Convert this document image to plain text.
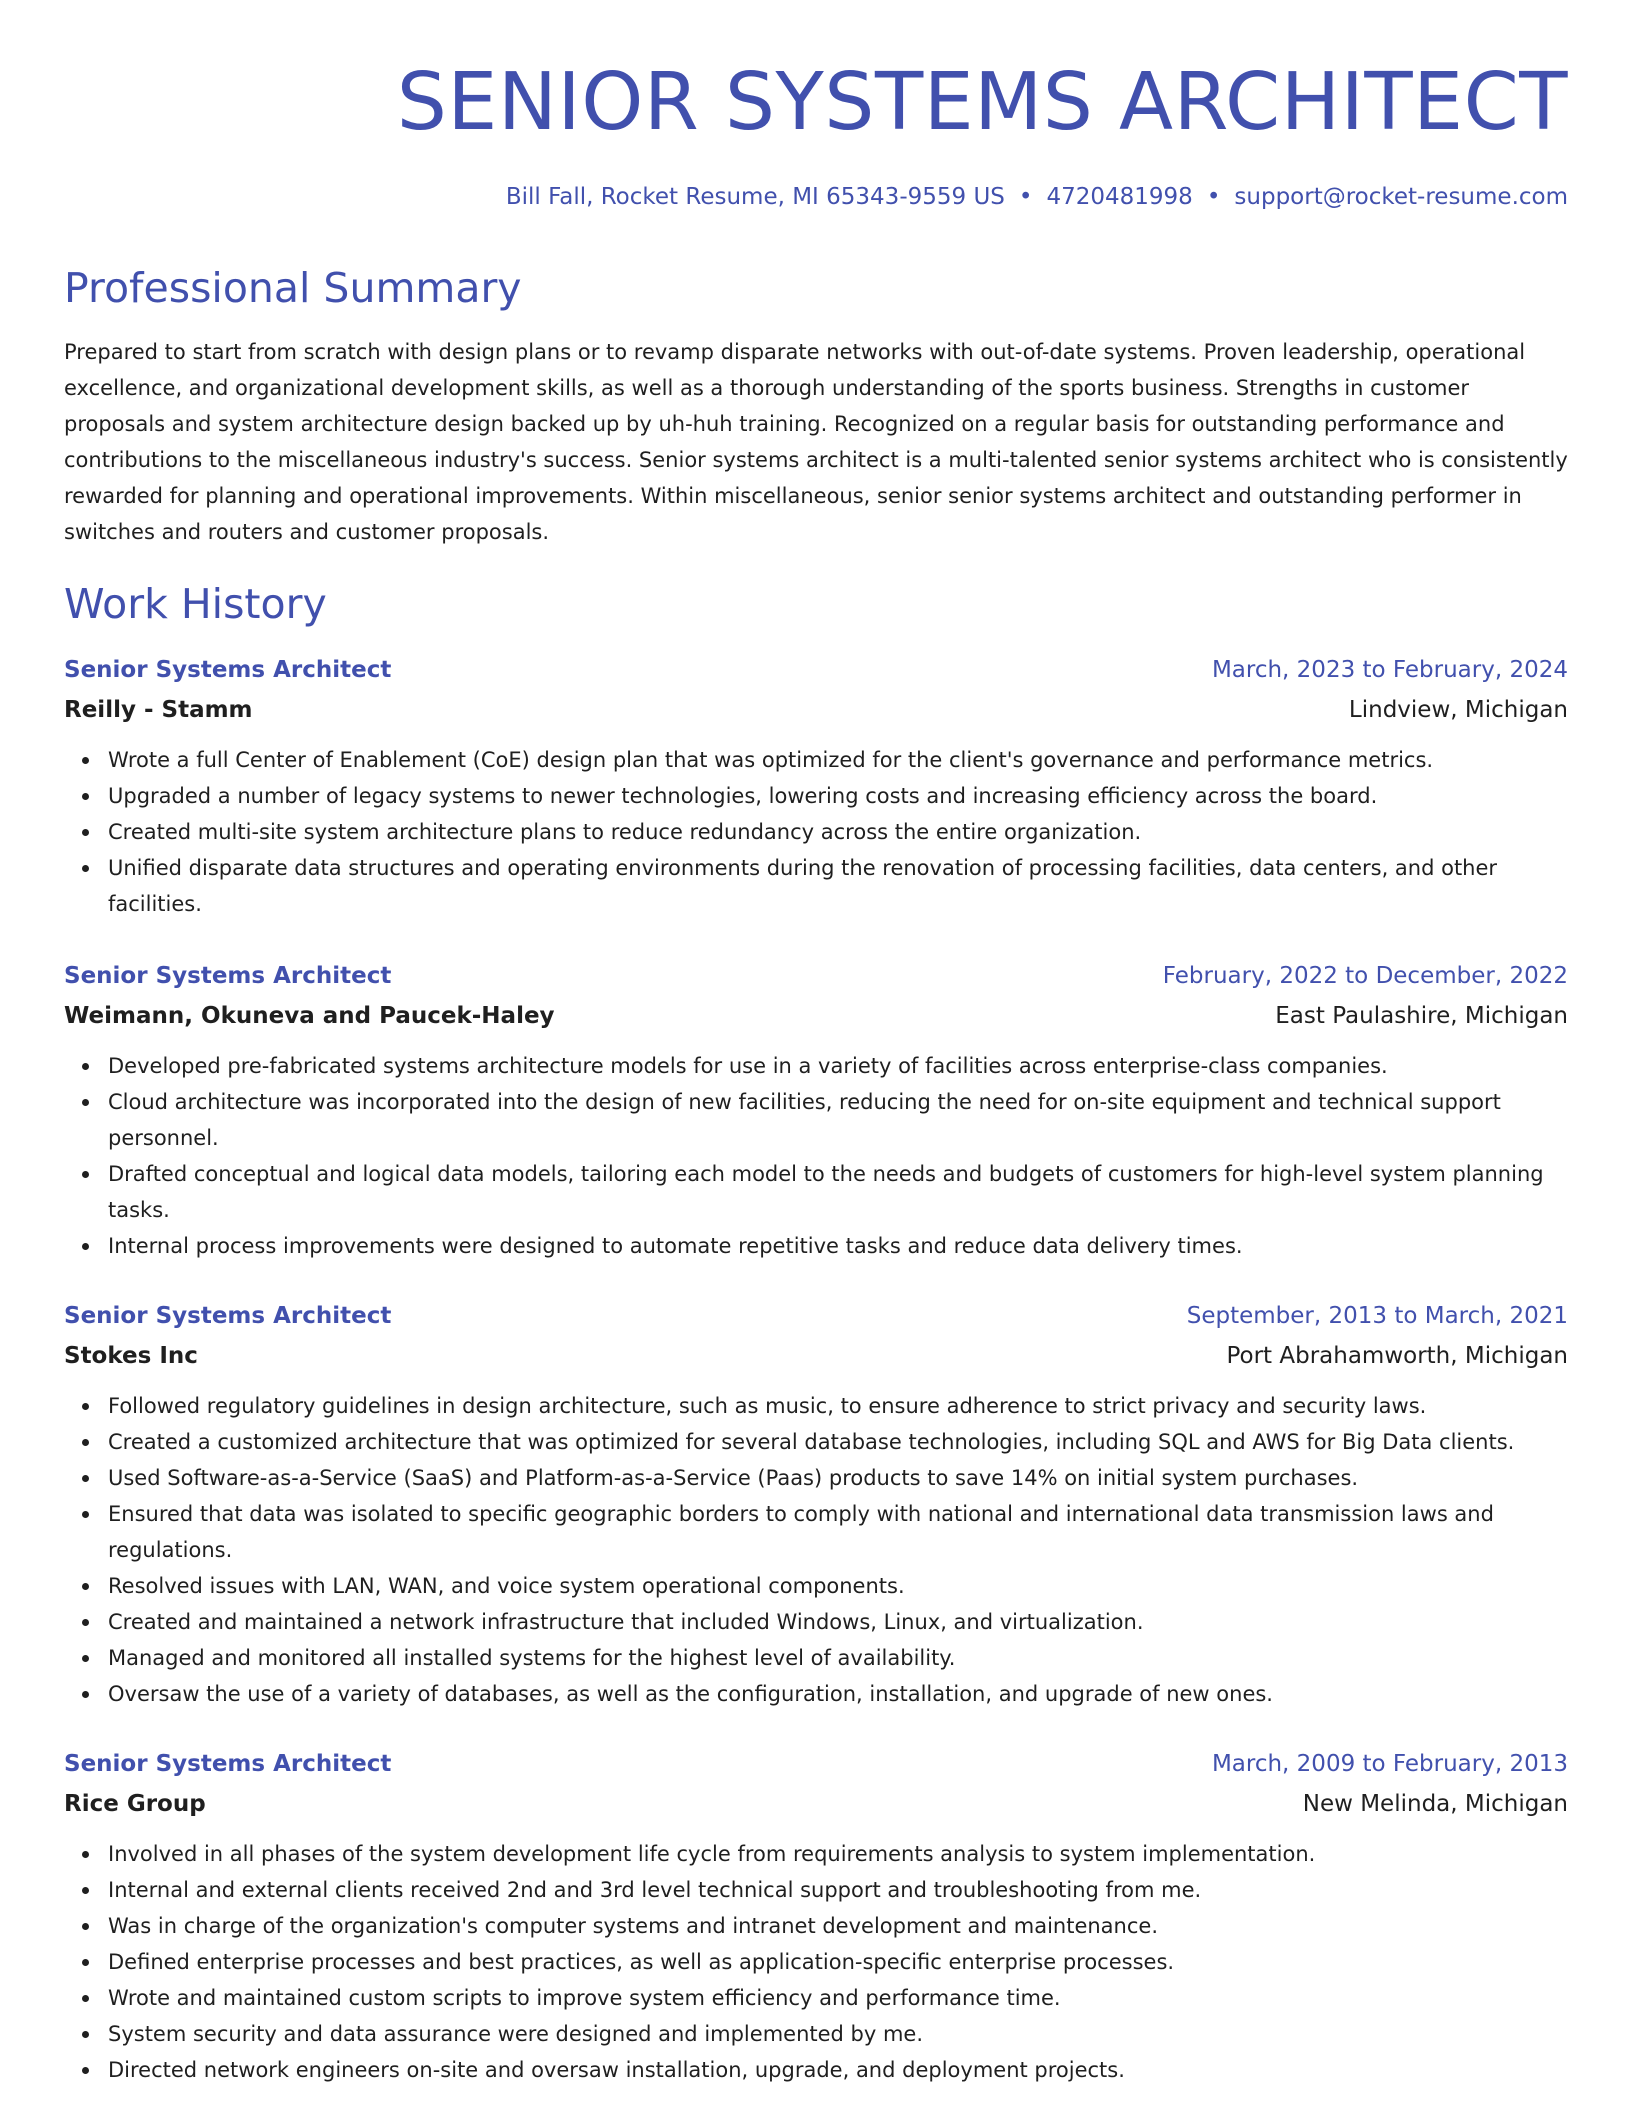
SENIOR SYSTEMS ARCHITECT
Bill Fall, Rocket Resume, MI 65343-9559 US • 4720481998 • support@rocket-resume.com
Professional Summary

Prepared to start from scratch with design plans or to revamp disparate networks with out-of-date systems. Proven leadership, operational excellence, and organizational development skills, as well as a thorough understanding of the sports business. Strengths in customer proposals and system architecture design backed up by uh-huh training. Recognized on a regular basis for outstanding performance and contributions to the miscellaneous industry's success. Senior systems architect is a multi-talented senior systems architect who is consistently rewarded for planning and operational improvements. Within miscellaneous, senior senior systems architect and outstanding performer in switches and routers and customer proposals.

Work History
Senior Systems Architect	March, 2023 to February, 2024
Reilly - Stamm	Lindview, Michigan
Wrote a full Center of Enablement (CoE) design plan that was optimized for the client's governance and performance metrics.
Upgraded a number of legacy systems to newer technologies, lowering costs and increasing efficiency across the board.
Created multi-site system architecture plans to reduce redundancy across the entire organization.
Unified disparate data structures and operating environments during the renovation of processing facilities, data centers, and other facilities.
Senior Systems Architect	February, 2022 to December, 2022
Weimann, Okuneva and Paucek-Haley	East Paulashire, Michigan
Developed pre-fabricated systems architecture models for use in a variety of facilities across enterprise-class companies.
Cloud architecture was incorporated into the design of new facilities, reducing the need for on-site equipment and technical support personnel.
Drafted conceptual and logical data models, tailoring each model to the needs and budgets of customers for high-level system planning tasks.
Internal process improvements were designed to automate repetitive tasks and reduce data delivery times.
Senior Systems Architect	September, 2013 to March, 2021
Stokes Inc	Port Abrahamworth, Michigan
Followed regulatory guidelines in design architecture, such as music, to ensure adherence to strict privacy and security laws.
Created a customized architecture that was optimized for several database technologies, including SQL and AWS for Big Data clients.
Used Software-as-a-Service (SaaS) and Platform-as-a-Service (Paas) products to save 14% on initial system purchases.
Ensured that data was isolated to specific geographic borders to comply with national and international data transmission laws and regulations.
Resolved issues with LAN, WAN, and voice system operational components.
Created and maintained a network infrastructure that included Windows, Linux, and virtualization.
Managed and monitored all installed systems for the highest level of availability.
Oversaw the use of a variety of databases, as well as the configuration, installation, and upgrade of new ones.
Senior Systems Architect	March, 2009 to February, 2013
Rice Group	New Melinda, Michigan
Involved in all phases of the system development life cycle from requirements analysis to system implementation.
Internal and external clients received 2nd and 3rd level technical support and troubleshooting from me.
Was in charge of the organization's computer systems and intranet development and maintenance.
Defined enterprise processes and best practices, as well as application-specific enterprise processes.
Wrote and maintained custom scripts to improve system efficiency and performance time.
System security and data assurance were designed and implemented by me.
Directed network engineers on-site and oversaw installation, upgrade, and deployment projects.
